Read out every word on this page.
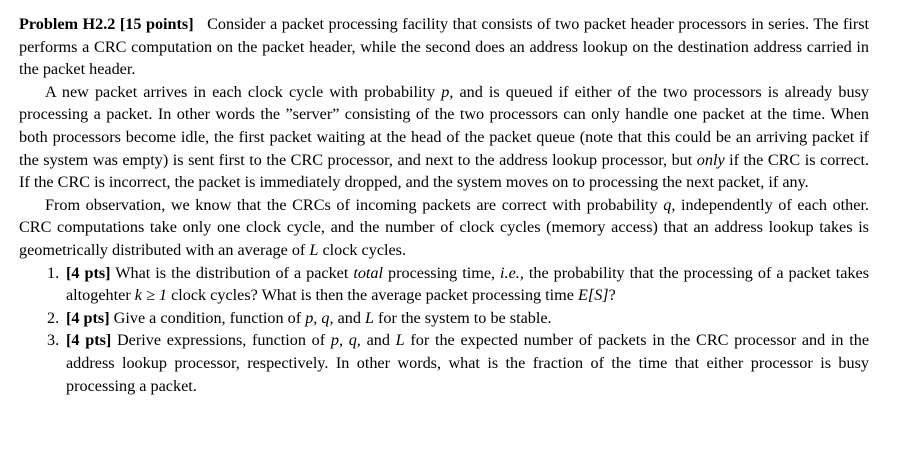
Problem H2.2 [15 points] Consider a packet processing facility that consists of two packet header processors in series. The first performs a CRC computation on the packet header, while the second does an address lookup on the destination address carried in the packet header.

A new packet arrives in each clock cycle with probability p, and is queued if either of the two processors is already busy processing a packet. In other words the ”server” consisting of the two processors can only handle one packet at the time. When both processors become idle, the first packet waiting at the head of the packet queue (note that this could be an arriving packet if the system was empty) is sent first to the CRC processor, and next to the address lookup processor, but only if the CRC is correct. If the CRC is incorrect, the packet is immediately dropped, and the system moves on to processing the next packet, if any.

From observation, we know that the CRCs of incoming packets are correct with probability q, independently of each other. CRC computations take only one clock cycle, and the number of clock cycles (memory access) that an address lookup takes is geometrically distributed with an average of L clock cycles.

1. [4 pts] What is the distribution of a packet total processing time, i.e., the probability that the processing of a packet takes altogehter k ≥ 1 clock cycles? What is then the average packet processing time E[S]?
2. [4 pts] Give a condition, function of p, q, and L for the system to be stable.
3. [4 pts] Derive expressions, function of p, q, and L for the expected number of packets in the CRC processor and in the address lookup processor, respectively. In other words, what is the fraction of the time that either processor is busy processing a packet.
